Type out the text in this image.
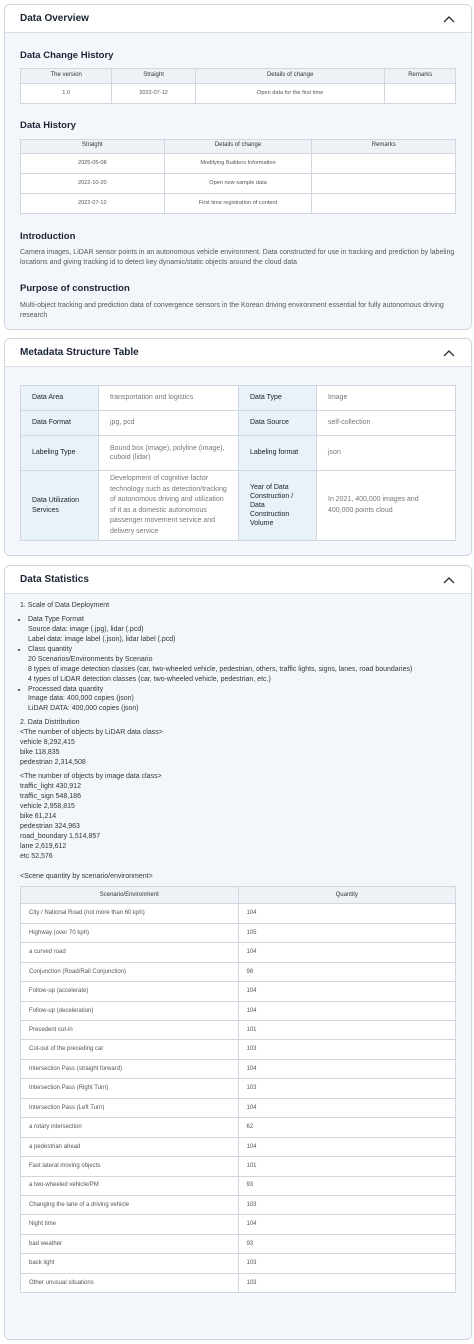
Data Overview
Data Change History
The version	Straight	Details of change	Remarks
1.0	2022-07-12	Open data for the first time	
Data History
Straight	Details of change	Remarks
2025-05-08	Modifying Builders Information	
2022-10-20	Open new sample data	
2022-07-12	First time registration of content	
Introduction

Camera images, LiDAR sensor points in an autonomous vehicle environment. Data constructed for use in tracking and prediction by labeling locations and giving tracking id to detect key dynamic/static objects around the cloud data

Purpose of construction

Multi-object tracking and prediction data of convergence sensors in the Korean driving environment essential for fully autonomous driving research

Metadata Structure Table
Data Area	transportation and logistics	Data Type	Image
Data Format	jpg, pcd	Data Source	self-collection
Labeling Type	Bound box (image), polyline (image), cuboid (lidar)	Labeling format	json
Data Utilization Services	Development of cognitive factor technology such as detection/tracking of autonomous driving and utilization of it as a domestic autonomous passenger movement service and delivery service	Year of Data Construction / Data Construction Volume	In 2021, 400,000 images and 400,000 points cloud
Data Statistics
1. Scale of Data Deployment
• Data Type Format
Source data: image (.jpg), lidar (.pcd)
Label data: image label (.json), lidar label (.pcd)
• Class quantity
20 Scenarios/Environments by Scenario
8 types of image detection classes (car, two-wheeled vehicle, pedestrian, others, traffic lights, signs, lanes, road boundaries)
4 types of LiDAR detection classes (car, two-wheeled vehicle, pedestrian, etc.)
• Processed data quantity
Image data: 400,000 copies (json)
LiDAR DATA: 400,000 copies (json)
2. Data Distribution
<The number of objects by LiDAR data class>
vehicle 8,292,415
bike 118,835
pedestrian 2,314,508
<The number of objects by image data class>
traffic_light 430,912
traffic_sign 548,186
vehicle 2,958,815
bike 61,214
pedestrian 324,963
road_boundary 1,514,857
lane 2,619,612
etc 52,576
<Scene quantity by scenario/environment>
Scenario/Environment	Quantity
City / National Road (not more than 60 kph)	104
Highway (over 70 kph)	105
a curved road	104
Conjunction (Road/Rail Conjunction)	98
Follow-up (accelerate)	104
Follow-up (deceleration)	104
Precedent cut-in	101
Cut-out of the preceding car	103
Intersection Pass (straight forward)	104
Intersection Pass (Right Turn)	103
Intersection Pass (Left Turn)	104
a rotary intersection	62
a pedestrian ahead	104
Fast lateral moving objects	101
a two-wheeled vehicle/PM	93
Changing the lane of a driving vehicle	103
Night time	104
bad weather	93
back light	103
Other unusual situations	103
